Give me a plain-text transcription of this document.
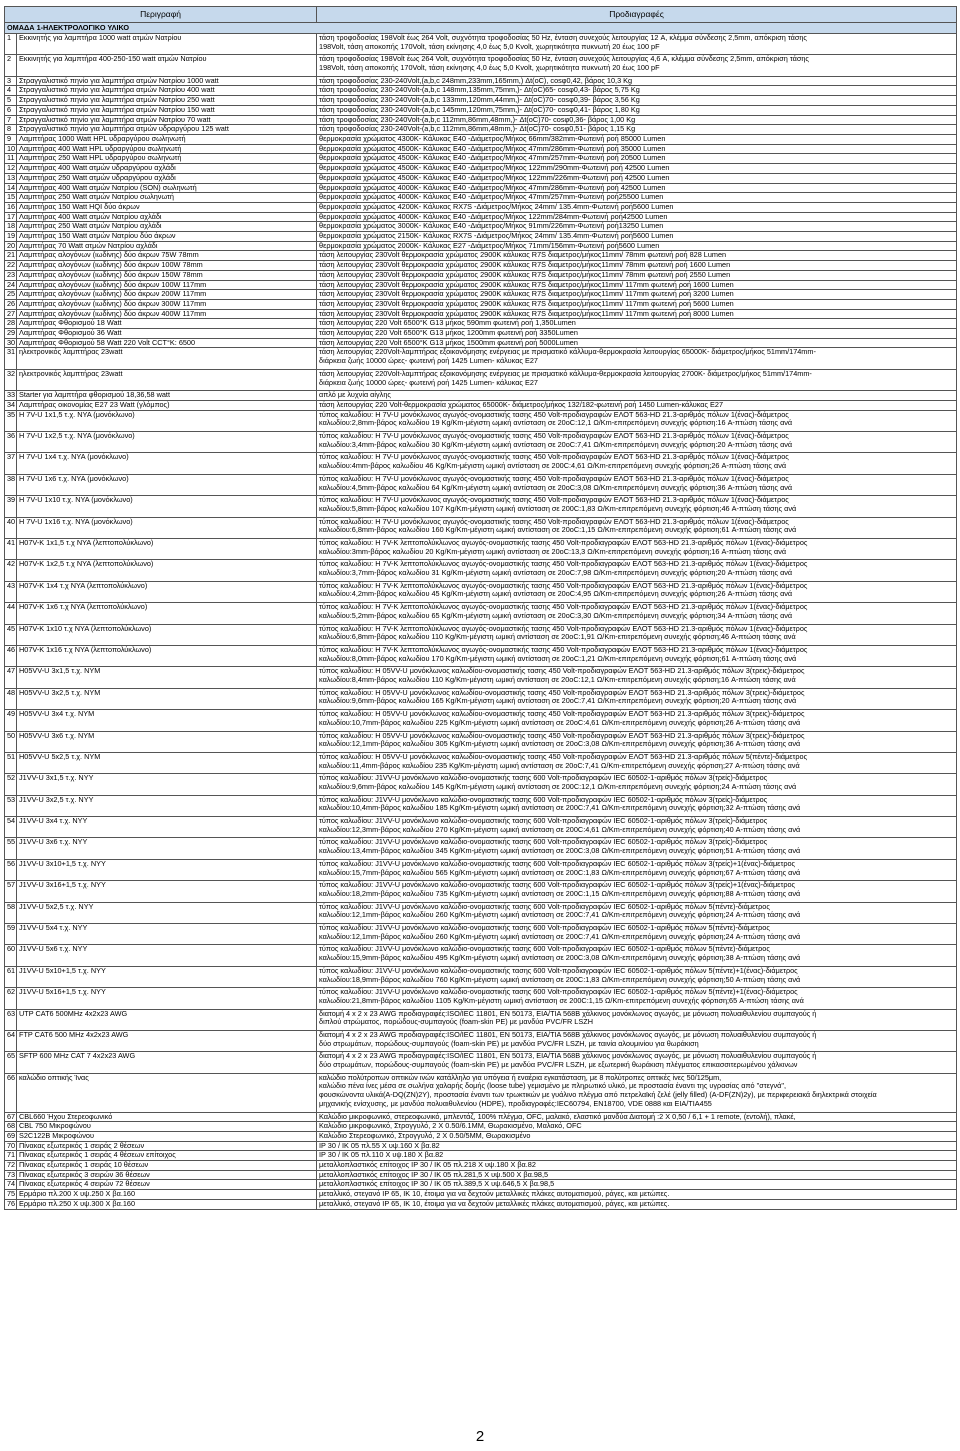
Περιγραφή		Προδιαγραφές
ΟΜΑΔΑ 1-ΗΛΕΚΤΡΟΛΟΓΙΚΟ ΥΛΙΚΟ		
1	Εκκινητής για λαμπτήρα 1000 watt ατμών Νατρίου	τάση τροφοδοσίας 198Volt έως 264 Volt, συχνότητα τροφοδοσίας 50 Hz, ένταση συνεχούς λειτουργίας 12 A, κλέμμα σύνδεσης 2,5mm, απόκριση τάσης
198Volt, τάση αποκοπής 170Volt, τάση εκίνησης 4,0 έως 5,0 Kvolt, χωρητικότητα πυκνωτή 20 έως 100 pF

2	Εκκινητής για λαμπτήρα 400-250-150 watt ατμών Νατρίου	τάση τροφοδοσίας 198Volt έως 264 Volt, συχνότητα τροφοδοσίας 50 Hz, ένταση συνεχούς λειτουργίας 4,6 A, κλέμμα σύνδεσης 2,5mm, απόκριση τάσης
198Volt, τάση αποκοπής 170Volt, τάση εκίνησης 4,0 έως 5,0 Kvolt, χωρητικότητα πυκνωτή 20 έως 100 pF

3	Στραγγαλιστικό πηνίο για λαμπτήρα ατμών Νατρίου 1000 watt	τάση τροφοδοσίας 230-240Volt,(a,b,c 248mm,233mm,165mm,) Δt(oC), cosφ0,42, βάρος 10,3 Kg

4	Στραγγαλιστικό πηνίο για λαμπτήρα ατμών Νατρίου 400 watt	τάση τροφοδοσίας 230-240Volt-(a,b,c 148mm,135mm,75mm,)- Δt(oC)65- cosφ0,43- βάρος 5,75 Kg

5	Στραγγαλιστικό πηνίο για λαμπτήρα ατμών Νατρίου 250 watt	τάση τροφοδοσίας 230-240Volt-(a,b,c 133mm,120mm,44mm,)- Δt(oC)70- cosφ0,39- βάρος 3,56 Kg

6	Στραγγαλιστικό πηνίο για λαμπτήρα ατμών Νατρίου 150 watt	τάση τροφοδοσίας 230-240Volt-(a,b,c 145mm,120mm,75mm,)- Δt(oC)70- cosφ0,41- βάρος 1,80 Kg

7	Στραγγαλιστικό πηνίο για λαμπτήρα ατμών Νατρίου 70 watt	τάση τροφοδοσίας 230-240Volt-(a,b,c 112mm,86mm,48mm,)- Δt(oC)70- cosφ0,36- βάρος 1,00 Kg

8	Στραγγαλιστικό πηνίο για λαμπτήρα ατμών υδραργύρου 125 watt	τάση τροφοδοσίας 230-240Volt-(a,b,c 112mm,86mm,48mm,)- Δt(oC)70- cosφ0,51- βάρος 1,15 Kg

9	Λαμπτήρας 1000 Watt HPL υδραργύρου σωληνωτή	θερμοκρασία χρώματος 4300K- Κάλυκας E40 -Διάμετρος/Μήκος 66mm/382mm-Φωτεινή ροή 85000 Lumen

10	Λαμπτήρας 400 Watt HPL υδραργύρου σωληνωτή	θερμοκρασία χρώματος 4500K- Κάλυκας E40 -Διάμετρος/Μήκος 47mm/286mm-Φωτεινή ροή 35000 Lumen

11	Λαμπτήρας 250 Watt HPL υδραργύρου σωληνωτή	θερμοκρασία χρώματος 4500K- Κάλυκας E40 -Διάμετρος/Μήκος 47mm/257mm-Φωτεινή ροή 20500 Lumen

12	Λαμπτήρας 400 Watt ατμών υδραργύρου αχλάδι	θερμοκρασία χρώματος 4500K- Κάλυκας E40 -Διάμετρος/Μήκος 122mm/290mm-Φωτεινή ροή 42500 Lumen

13	Λαμπτήρας 250 Watt ατμών υδραργύρου αχλάδι	θερμοκρασία χρώματος 4500K- Κάλυκας E40 -Διάμετρος/Μήκος 122mm/226mm-Φωτεινή ροή 42500 Lumen

14	Λαμπτήρας 400 Watt ατμών Νατρίου (SON) σωληνωτή	θερμοκρασία χρώματος 4000K- Κάλυκας E40 -Διάμετρος/Μήκος 47mm/286mm-Φωτεινή ροή 42500 Lumen

15	Λαμπτήρας 250 Watt ατμών Νατρίου σωληνωτή	θερμοκρασία χρώματος 4000K- Κάλυκας E40 -Διάμετρος/Μήκος 47mm/257mm-Φωτεινή ροή25500 Lumen

16	Λαμπτήρας 150 Watt HQI δύο άκρων	θερμοκρασία χρώματος 4200K- Κάλυκας RX7S -Διάμετρος/Μήκος 24mm/ 135.4mm-Φωτεινή ροή5600 Lumen

17	Λαμπτήρας 400 Watt ατμών Νατρίου αχλάδι	θερμοκρασία χρώματος 4000K- Κάλυκας E40 -Διάμετρος/Μήκος 122mm/284mm-Φωτεινή ροή42500 Lumen

18	Λαμπτήρας 250 Watt ατμών Νατρίου αχλάδι	θερμοκρασία χρώματος 3000K- Κάλυκας E40 -Διάμετρος/Μήκος 91mm/226mm-Φωτεινή ροή13250 Lumen

19	Λαμπτήρας 150 Watt ατμών Νατρίου δύο άκρων	θερμοκρασία χρώματος 2150K- Κάλυκας RX7S -Διάμετρος/Μήκος 24mm/ 135.4mm-Φωτεινή ροή5600 Lumen

20	Λαμπτήρας 70 Watt ατμών Νατρίου αχλάδι	θερμοκρασία χρώματος 2000K- Κάλυκας E27 -Διάμετρος/Μήκος 71mm/156mm-Φωτεινή ροή5600 Lumen

21	Λαμπτήρας αλογόνων (ιωδίνης) δύο άκρων 75W 78mm	τάση λειτουργίας 230Volt θερμοκρασία χρώματος 2900K κάλυκας R7S διαμετρος/μήκος11mm/ 78mm φωτεινή ροή 828 Lumen

22	Λαμπτήρας αλογόνων (ιωδίνης) δύο άκρων 100W 78mm	τάση λειτουργίας 230Volt θερμοκρασία χρώματος 2900K κάλυκας R7S διαμετρος/μήκος11mm/ 78mm φωτεινή ροή 1600 Lumen

23	Λαμπτήρας αλογόνων (ιωδίνης) δύο άκρων 150W 78mm	τάση λειτουργίας 230Volt θερμοκρασία χρώματος 2900K κάλυκας R7S διαμετρος/μήκος11mm/ 78mm φωτεινή ροή 2550 Lumen

24	Λαμπτήρας αλογόνων (ιωδίνης) δύο άκρων 100W 117mm	τάση λειτουργίας 230Volt θερμοκρασία χρώματος 2900K κάλυκας R7S διαμετρος/μήκος11mm/ 117mm φωτεινή ροή 1600 Lumen

25	Λαμπτήρας αλογόνων (ιωδίνης) δύο άκρων 200W 117mm	τάση λειτουργίας 230Volt θερμοκρασία χρώματος 2900K κάλυκας R7S διαμετρος/μήκος11mm/ 117mm φωτεινή ροή 3200 Lumen

26	Λαμπτήρας αλογόνων (ιωδίνης) δύο άκρων 300W 117mm	τάση λειτουργίας 230Volt θερμοκρασία χρώματος 2900K κάλυκας R7S διαμετρος/μήκος11mm/ 117mm φωτεινή ροή 5600 Lumen

27	Λαμπτήρας αλογόνων (ιωδίνης) δύο άκρων 400W 117mm	τάση λειτουργίας 230Volt θερμοκρασία χρώματος 2900K κάλυκας R7S διαμετρος/μήκος11mm/ 117mm φωτεινή ροή 8000 Lumen

28	Λαμπτήρας Φθορισμού 18 Watt	τάση λειτουργίας 220 Volt 6500°K G13 μήκος 590mm φωτεινή ροή 1,350Lumen

29	Λαμπτήρας Φθορισμού 36 Watt	τάση λειτουργίας 220 Volt 6500°K G13 μήκος 1200mm φωτεινή ροή 3350Lumen

30	Λαμπτήρας Φθορισμού 58 Watt 220 Volt CCT°K: 6500	τάση λειτουργίας 220 Volt 6500°K G13 μήκος 1500mm φωτεινή ροή 5000Lumen

31	ηλεκτρονικός λαμπτήρας 23watt	τάση λειτουργίας 220Volt-λαμπτήρας εξοικονόμησης ενέργειας με πρισματικό κάλλυμα-θερμοκρασία λειτουργίας 65000K- διάμετρος/μήκος 51mm/174mm-
διάρκεια ζωής 10000 ώρες- φωτεινή ροή 1425 Lumen- κάλυκας E27

32	ηλεκτρονικός λαμπτήρας 23watt	τάση λειτουργίας 220Volt-λαμπτήρας εξοικονόμησης ενέργειας με πρισματικό κάλλυμα-θερμοκρασία λειτουργίας 2700K- διάμετρος/μήκος 51mm/174mm-
διάρκεια ζωής 10000 ώρες- φωτεινή ροή 1425 Lumen- κάλυκας E27

33	Starter για λαμπτήρα φθορισμού 18,36,58 watt	απλό με λυχνία αίγλης

34	Λαμπτήρας οικονομίας E27 23 Watt (γλόμπος)	τάση λειτουργίας 220 Volt-θερμοκρασία χρώματος 65000K- διάμετρος/μήκος 132/182-φωτεινή ροή 1450 Lumen-κάλυκας E27

35	Η 7V-U 1x1,5 τ.χ. NYA (μονόκλωνο)	τύπος καλωδίου: H 7V-U μονόκλωνος αγωγός-ονομαστικής τασης 450 Volt-προδιαγραφών ΕΛΟΤ 563-HD 21.3-αριθμός πόλων 1(ένας)-διάμετρος
καλωδίου:2,8mm-βάρος καλωδίου 19 Kg/Km-μέγιστη ωμική αντίσταση σε 20oC:12,1 Ω/Km-επιτρεπόμενη συνεχής φόρτιση:16 A-πτώση τάσης ανά

36	Η 7V-U 1x2,5 τ.χ. NYA (μονόκλωνο)	τύπος καλωδίου: H 7V-U μονόκλωνος αγωγός-ονομαστικής τασης 450 Volt-προδιαγραφών ΕΛΟΤ 563-HD 21.3-αριθμός πόλων 1(ένας)-διάμετρος
καλωδίου:3,4mm-βάρος καλωδίου 30 Kg/Km-μέγιστη ωμική αντίσταση σε 20oC:7,41 Ω/Km-επιτρεπόμενη συνεχής φόρτιση:20 A-πτώση τάσης ανά

37	Η 7V-U 1x4 τ.χ. NYA (μονόκλωνο)	τύπος καλωδίου: H 7V-U μονόκλωνος αγωγός-ονομαστικής τασης 450 Volt-προδιαγραφών ΕΛΟΤ 563-HD 21.3-αριθμός πόλων 1(ένας)-διάμετρος
καλωδίου:4mm-βάρος καλωδίου 46 Kg/Km-μέγιστη ωμική αντίσταση σε 200C:4,61 Ω/Km-επιτρεπόμενη συνεχής φόρτιση;26 A-πτώση τάσης ανά

38	Η 7V-U 1x6 τ.χ. NYA (μονόκλωνο)	τύπος καλωδίου: H 7V-U μονόκλωνος αγωγός-ονομαστικής τασης 450 Volt-προδιαγραφών ΕΛΟΤ 563-HD 21.3-αριθμός πόλων 1(ένας)-διάμετρος
καλωδίου:4,5mm-βάρος καλωδίου 64 Kg/Km-μέγιστη ωμική αντίσταση σε 20oC:3,08 Ω/Km-επιτρεπόμενη συνεχής φόρτιση;36 A-πτώση τάσης ανά

39	Η 7V-U 1x10 τ.χ. NYA (μονόκλωνο)	τύπος καλωδίου: H 7V-U μονόκλωνος αγωγός-ονομαστικής τασης 450 Volt-προδιαγραφών ΕΛΟΤ 563-HD 21.3-αριθμός πόλων 1(ένας)-διάμετρος
καλωδίου:5,8mm-βάρος καλωδίου 107 Kg/Km-μέγιστη ωμική αντίσταση σε 200C:1,83 Ω/Km-επιτρεπόμενη συνεχής φόρτιση;46 A-πτώση τάσης ανά

40	Η 7V-U 1x16 τ.χ. NYA (μονόκλωνο)	τύπος καλωδίου: H 7V-U μονόκλωνος αγωγός-ονομαστικής τασης 450 Volt-προδιαγραφών ΕΛΟΤ 563-HD 21.3-αριθμός πόλων 1(ένας)-διάμετρος
καλωδίου:6,8mm-βάρος καλωδίου 160 Kg/Km-μέγιστη ωμική αντίσταση σε 20oC:1,15 Ω/Km-επιτρεπόμενη συνεχής φόρτιση;61 A-πτώση τάσης ανά

41	H07V-K 1x1,5 τ.χ NYA (λεπτοπολύκλωνο)	τύπος καλωδίου: H 7V-K λεπτοπολύκλωνος αγωγός-ονομαστικής τασης 450 Volt-προδιαγραφών ΕΛΟΤ 563-HD 21.3-αριθμός πόλων 1(ένας)-διάμετρος
καλωδίου:3mm-βάρος καλωδίου 20 Kg/Km-μέγιστη ωμική αντίσταση σε 20oC:13,3 Ω/Km-επιτρεπόμενη συνεχής φόρτιση;16 A-πτώση τάσης ανά

42	H07V-K 1x2,5 τ.χ NYA (λεπτοπολύκλωνο)	τύπος καλωδίου: H 7V-K λεπτοπολύκλωνος αγωγός-ονομαστικής τασης 450 Volt-προδιαγραφών ΕΛΟΤ 563-HD 21.3-αριθμός πόλων 1(ένας)-διάμετρος
καλωδίου:3,7mm-βάρος καλωδίου 31 Kg/Km-μέγιστη ωμική αντίσταση σε 20oC:7,98 Ω/Km-επιτρεπόμενη συνεχής φόρτιση;20 A-πτώση τάσης ανά

43	H07V-K 1x4 τ.χ NYA (λεπτοπολύκλωνο)	τύπος καλωδίου: H 7V-K λεπτοπολύκλωνος αγωγός-ονομαστικής τασης 450 Volt-προδιαγραφών ΕΛΟΤ 563-HD 21.3-αριθμός πόλων 1(ένας)-διάμετρος
καλωδίου:4,2mm-βάρος καλωδίου 45 Kg/Km-μέγιστη ωμική αντίσταση σε 20oC:4,95 Ω/Km-επιτρεπόμενη συνεχής φόρτιση;26 A-πτώση τάσης ανά

44	H07V-K 1x6 τ.χ NYA (λεπτοπολύκλωνο)	τύπος καλωδίου: H 7V-K λεπτοπολύκλωνος αγωγός-ονομαστικής τασης 450 Volt-προδιαγραφών ΕΛΟΤ 563-HD 21.3-αριθμός πόλων 1(ένας)-διάμετρος
καλωδίου:5,2mm-βάρος καλωδίου 65 Kg/Km-μέγιστη ωμική αντίσταση σε 20oC:3,30 Ω/Km-επιτρεπόμενη συνεχής φόρτιση;34 A-πτώση τάσης ανά

45	H07V-K 1x10 τ.χ NYA (λεπτοπολύκλωνο)	τύπος καλωδίου: H 7V-K λεπτοπολύκλωνος αγωγός-ονομαστικής τασης 450 Volt-προδιαγραφών ΕΛΟΤ 563-HD 21.3-αριθμός πόλων 1(ένας)-διάμετρος
καλωδίου:6,8mm-βάρος καλωδίου 110 Kg/Km-μέγιστη ωμική αντίσταση σε 20oC:1,91 Ω/Km-επιτρεπόμενη συνεχής φόρτιση;46 A-πτώση τάσης ανά

46	H07V-K 1x16 τ.χ NYA (λεπτοπολύκλωνο)	τύπος καλωδίου: H 7V-K λεπτοπολύκλωνος αγωγός-ονομαστικής τασης 450 Volt-προδιαγραφών ΕΛΟΤ 563-HD 21.3-αριθμός πόλων 1(ένας)-διάμετρος
καλωδίου:8,0mm-βάρος καλωδίου 170 Kg/Km-μέγιστη ωμική αντίσταση σε 20oC:1,21 Ω/Km-επιτρεπόμενη συνεχής φόρτιση;61 A-πτώση τάσης ανά

47	H05VV-U 3x1,5 τ.χ. NYM	τύπος καλωδίου: H 05VV-U μονόκλωνος καλωδίου-ονομαστικής τασης 450 Volt-προδιαγραφών ΕΛΟΤ 563-HD 21.3-αριθμός πόλων 3(τρεις)-διάμετρος
καλωδίου:8,4mm-βάρος καλωδίου 110 Kg/Km-μέγιστη ωμική αντίσταση σε 20oC:12,1 Ω/Km-επιτρεπόμενη συνεχής φόρτιση;16 A-πτώση τάσης ανά

48	H05VV-U 3x2,5 τ.χ. NYM	τύπος καλωδίου: H 05VV-U μονόκλωνος καλωδίου-ονομαστικής τασης 450 Volt-προδιαγραφών ΕΛΟΤ 563-HD 21.3-αριθμός πόλων 3(τρεις)-διάμετρος
καλωδίου:9,6mm-βάρος καλωδίου 165 Kg/Km-μέγιστη ωμική αντίσταση σε 20oC:7,41 Ω/Km-επιτρεπόμενη συνεχής φόρτιση;20 A-πτώση τάσης ανά

49	H05VV-U 3x4 τ.χ. NYM	τύπος καλωδίου: H 05VV-U μονόκλωνος καλωδίου-ονομαστικής τασης 450 Volt-προδιαγραφών ΕΛΟΤ 563-HD 21.3-αριθμός πόλων 3(τρεις)-διάμετρος
καλωδίου:10,7mm-βάρος καλωδίου 225 Kg/Km-μέγιστη ωμική αντίσταση σε 20oC:4,61 Ω/Km-επιτρεπόμενη συνεχής φόρτιση;26 A-πτώση τάσης ανά

50	H05VV-U 3x6 τ.χ. NYM	τύπος καλωδίου: H 05VV-U μονόκλωνος καλωδίου-ονομαστικής τασης 450 Volt-προδιαγραφών ΕΛΟΤ 563-HD 21.3-αριθμός πόλων 3(τρεις)-διάμετρος
καλωδίου:12,1mm-βάρος καλωδίου 305 Kg/Km-μέγιστη ωμική αντίσταση σε 20oC:3,08 Ω/Km-επιτρεπόμενη συνεχής φόρτιση;36 A-πτώση τάσης ανά

51	H05VV-U 5x2,5 τ.χ. NYM	τύπος καλωδίου: H 05VV-U μονόκλωνος καλωδίου-ονομαστικής τασης 450 Volt-προδιαγραφών ΕΛΟΤ 563-HD 21.3-αριθμός πόλων 5(πέντε)-διάμετρος
καλωδίου:11,4mm-βάρος καλωδίου 235 Kg/Km-μέγιστη ωμική αντίσταση σε 20oC:7,41 Ω/Km-επιτρεπόμενη συνεχής φόρτιση;27 A-πτώση τάσης ανά

52	J1VV-U 3x1,5 τ.χ. NYY	τύπος καλωδίου: J1VV-U μονόκλωνο καλώδιο-ονομαστικής τασης 600 Volt-προδιαγραφών IEC 60502-1-αριθμός πόλων 3(τρείς)-διάμετρος
καλωδίου:9,6mm-βάρος καλωδίου 145 Kg/Km-μέγιστη ωμική αντίσταση σε 200C:12,1 Ω/Km-επιτρεπόμενη συνεχής φόρτιση;24 A-πτώση τάσης ανά

53	J1VV-U 3x2,5 τ.χ. NYY	τύπος καλωδίου: J1VV-U μονόκλωνο καλώδιο-ονομαστικής τασης 600 Volt-προδιαγραφών IEC 60502-1-αριθμός πόλων 3(τρείς)-διάμετρος
καλωδίου:10,4mm-βάρος καλωδίου 185 Kg/Km-μέγιστη ωμική αντίσταση σε 200C:7,41 Ω/Km-επιτρεπόμενη συνεχής φόρτιση;32 A-πτώση τάσης ανά

54	J1VV-U 3x4 τ.χ. NYY	τύπος καλωδίου: J1VV-U μονόκλωνο καλώδιο-ονομαστικής τασης 600 Volt-προδιαγραφών IEC 60502-1-αριθμός πόλων 3(τρείς)-διάμετρος
καλωδίου:12,3mm-βάρος καλωδίου 270 Kg/Km-μέγιστη ωμική αντίσταση σε 200C:4,61 Ω/Km-επιτρεπόμενη συνεχής φόρτιση;40 A-πτώση τάσης ανά

55	J1VV-U 3x6 τ.χ. NYY	τύπος καλωδίου: J1VV-U μονόκλωνο καλώδιο-ονομαστικής τασης 600 Volt-προδιαγραφών IEC 60502-1-αριθμός πόλων 3(τρείς)-διάμετρος
καλωδίου:13,4mm-βάρος καλωδίου 345 Kg/Km-μέγιστη ωμική αντίσταση σε 200C:3,08 Ω/Km-επιτρεπόμενη συνεχής φόρτιση;51 A-πτώση τάσης ανά

56	J1VV-U 3x10+1,5 τ.χ. NYY	τύπος καλωδίου: J1VV-U μονόκλωνο καλώδιο-ονομαστικής τασης 600 Volt-προδιαγραφών IEC 60502-1-αριθμός πόλων 3(τρείς)+1(ένας)-διάμετρος
καλωδίου:15,7mm-βάρος καλωδίου 565 Kg/Km-μέγιστη ωμική αντίσταση σε 200C:1,83 Ω/Km-επιτρεπόμενη συνεχής φόρτιση;67 A-πτώση τάσης ανά

57	J1VV-U 3x16+1,5 τ.χ. NYY	τύπος καλωδίου: J1VV-U μονόκλωνο καλώδιο-ονομαστικής τασης 600 Volt-προδιαγραφών IEC 60502-1-αριθμός πόλων 3(τρείς)+1(ένας)-διάμετρος
καλωδίου:18,2mm-βάρος καλωδίου 735 Kg/Km-μέγιστη ωμική αντίσταση σε 200C:1,15 Ω/Km-επιτρεπόμενη συνεχής φόρτιση;88 A-πτώση τάσης ανά

58	J1VV-U 5x2,5 τ.χ. NYY	τύπος καλωδίου: J1VV-U μονόκλωνο καλώδιο-ονομαστικής τασης 600 Volt-προδιαγραφών IEC 60502-1-αριθμός πόλων 5(πέντε)-διάμετρος
καλωδίου:12,1mm-βάρος καλωδίου 260 Kg/Km-μέγιστη ωμική αντίσταση σε 200C:7,41 Ω/Km-επιτρεπόμενη συνεχής φόρτιση;24 A-πτώση τάσης ανά

59	J1VV-U 5x4 τ.χ. NYY	τύπος καλωδίου: J1VV-U μονόκλωνο καλώδιο-ονομαστικής τασης 600 Volt-προδιαγραφών IEC 60502-1-αριθμός πόλων 5(πέντε)-διάμετρος
καλωδίου:12,1mm-βάρος καλωδίου 260 Kg/Km-μέγιστη ωμική αντίσταση σε 200C:7,41 Ω/Km-επιτρεπόμενη συνεχής φόρτιση;24 A-πτώση τάσης ανά

60	J1VV-U 5x6 τ.χ. NYY	τύπος καλωδίου: J1VV-U μονόκλωνο καλώδιο-ονομαστικής τασης 600 Volt-προδιαγραφών IEC 60502-1-αριθμός πόλων 5(πέντε)-διάμετρος
καλωδίου:15,9mm-βάρος καλωδίου 495 Kg/Km-μέγιστη ωμική αντίσταση σε 200C:3,08 Ω/Km-επιτρεπόμενη συνεχής φόρτιση;38 A-πτώση τάσης ανά

61	J1VV-U 5x10+1,5 τ.χ. NYY	τύπος καλωδίου: J1VV-U μονόκλωνο καλώδιο-ονομαστικής τασης 600 Volt-προδιαγραφών IEC 60502-1-αριθμός πόλων 5(πέντε)+1(ένας)-διάμετρος
καλωδίου:18,9mm-βάρος καλωδίου 760 Kg/Km-μέγιστη ωμική αντίσταση σε 200C:1,83 Ω/Km-επιτρεπόμενη συνεχής φόρτιση;50 A-πτώση τάσης ανά

62	J1VV-U 5x16+1,5 τ.χ. NYY	τύπος καλωδίου: J1VV-U μονόκλωνο καλώδιο-ονομαστικής τασης 600 Volt-προδιαγραφών IEC 60502-1-αριθμός πόλων 5(πέντε)+1(ένας)-διάμετρος
καλωδίου:21,8mm-βάρος καλωδίου 1105 Kg/Km-μέγιστη ωμική αντίσταση σε 200C:1,15 Ω/Km-επιτρεπόμενη συνεχής φόρτιση;65 A-πτώση τάσης ανά

63	UTP CAT6 500MHz 4x2x23 AWG	διατομή 4 x 2 x 23 AWG προδιαγραφές:ISO/IEC 11801, EN 50173, EIA/TIA 568B χάλκινος μονόκλωνος αγωγός, με μόνωση πολυαιθυλενίου συμπαγούς ή
διπλού στρώματος, πορώδους-συμπαγούς (foam-skin PE) με μανδύα PVC/FR LSZH

64	FTP CAT6 500 MHz 4x2x23 AWG	διατομή 4 x 2 x 23 AWG προδιαγραφές:ISO/IEC 11801, EN 50173, EIA/TIA 568B χάλκινος μονόκλωνος αγωγός, με μόνωση πολυαιθυλενίου συμπαγούς ή
δύο στρωμάτων, πορώδους-συμπαγούς (foam-skin PE) με μανδύα PVC/FR LSZH, με ταινία αλουμινίου για θωράκιση

65	SFTP 600 MHz CAT 7 4x2x23 AWG	διατομή 4 x 2 x 23 AWG προδιαγραφές:ISO/IEC 11801, EN 50173, EIA/TIA 568B χάλκινος μονόκλωνος αγωγός, με μόνωση πολυαιθυλενίου συμπαγούς ή
δύο στρωμάτων, πορώδους-συμπαγούς (foam-skin PE) με μανδύα PVC/FR LSZH, με εξωτερική θωράκιση πλέγματος επικασσιτερωμένου χάλκινων

66	καλώδιο οπτικής Ίνας	καλώδιο πολύτροπων οπτικών ινών κατάλληλο για υπόγεια ή εναέρια εγκατάσταση, με 8 πολύτροπες οπτικές ίνες 50/125μm,
καλώδιο πένα ίνες μέσα σε σωλήνα χαλαρής δομής (loose tube) γεμισμένο με πληρωτικό υλικό, με προστασία έναντι της υγρασίας από "στεγνά",
φουσκώνοντα υλικά(A-DQ(ZN)2Y), προστασία έναντι των τρωκτικών με γυάλινο πλέγμα από πετρελαϊκή ζελέ (jelly filled) (A-DF(ZN)2y), με περιφερειακά διηλεκτρικά στοιχεία
μηχανικής ενίσχυσης, με μανδύα πολυαιθυλενίου (HDPE), προδιαγραφές:IEC60794, EN18700, VDE 0888 και EIA/TIA455

67	CBL660 Ήχου Στερεοφωνικό	Καλώδιο μικροφωνικό, στερεοφωνικό, μπλεντάζ, 100% πλέγμα, OFC, μαλακό, ελαστικό μανδύα Διατομή :2 X 0,50 / 6,1 + 1 remote, (εντολή), πλακέ,

68	CBL 750 Μικροφώνου	Καλώδιο μικροφωνικό, Στρογγυλό, 2 X 0.50/6.1MM, Θωρακισμένο, Μαλακό, OFC

69	S2C122B Μικροφώνου	Καλώδιο Στερεοφωνικό, Στρογγυλό, 2 X 0.50/5MM, Θωρακισμένο

70	Πίνακας εξωτερικός 1 σειράς 2 θέσεων	IP 30 / IK 05 πλ.55 X υψ.160 X βα.82

71	Πίνακας εξωτερικός 1 σειράς 4 θέσεων επίτοιχος	IP 30 / IK 05 πλ.110 X υψ.180 X βα.82

72	Πίνακας εξωτερικός 1 σειράς 10 θέσεων	μεταλλοπλαστικός επίτοιχος IP 30 / IK 05 πλ.218 X υψ.180 X βα.82

73	Πίνακας εξωτερικός 3 σειρών 36 θέσεων	μεταλλοπλαστικός επίτοιχος IP 30 / IK 05 πλ.281,5 X υψ.500 X βα.98,5

74	Πίνακας εξωτερικός 4 σειρών 72 θέσεων	μεταλλοπλαστικός επίτοιχος IP 30 / IK 05 πλ.389,5 X υψ.646,5 X βα.98,5

75	Ερμάριο πλ.200 X υψ.250 X βα.160	μεταλλικό, στεγανό IP 65, IK 10, έτοιμα για να δεχτούν μεταλλικές πλάκες αυτοματισμού, ράγες, και μετώπες.

76	Ερμάριο πλ.250 X υψ.300 X βα.160	μεταλλικό, στεγανό IP 65, IK 10, έτοιμα για να δεχτούν μεταλλικές πλάκες αυτοματισμού, ράγες, και μετώπες.
2
